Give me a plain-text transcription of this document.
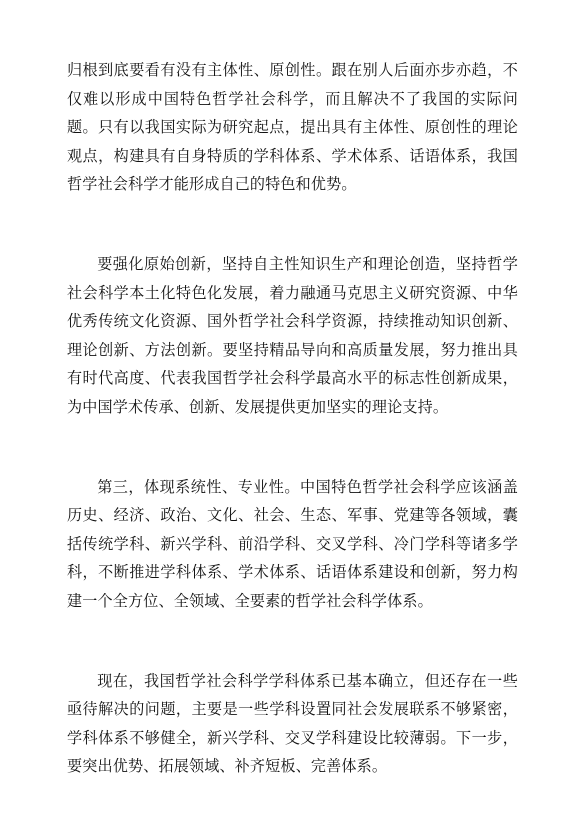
归根到底要看有没有主体性、原创性。跟在别人后面亦步亦趋，不仅难以形成中国特色哲学社会科学，而且解决不了我国的实际问题。只有以我国实际为研究起点，提出具有主体性、原创性的理论观点，构建具有自身特质的学科体系、学术体系、话语体系，我国哲学社会科学才能形成自己的特色和优势。

要强化原始创新，坚持自主性知识生产和理论创造，坚持哲学社会科学本土化特色化发展，着力融通马克思主义研究资源、中华优秀传统文化资源、国外哲学社会科学资源，持续推动知识创新、理论创新、方法创新。要坚持精品导向和高质量发展，努力推出具有时代高度、代表我国哲学社会科学最高水平的标志性创新成果，为中国学术传承、创新、发展提供更加坚实的理论支持。

第三，体现系统性、专业性。中国特色哲学社会科学应该涵盖历史、经济、政治、文化、社会、生态、军事、党建等各领域，囊括传统学科、新兴学科、前沿学科、交叉学科、冷门学科等诸多学科，不断推进学科体系、学术体系、话语体系建设和创新，努力构建一个全方位、全领域、全要素的哲学社会科学体系。

现在，我国哲学社会科学学科体系已基本确立，但还存在一些亟待解决的问题，主要是一些学科设置同社会发展联系不够紧密，学科体系不够健全，新兴学科、交叉学科建设比较薄弱。下一步，要突出优势、拓展领域、补齐短板、完善体系。
